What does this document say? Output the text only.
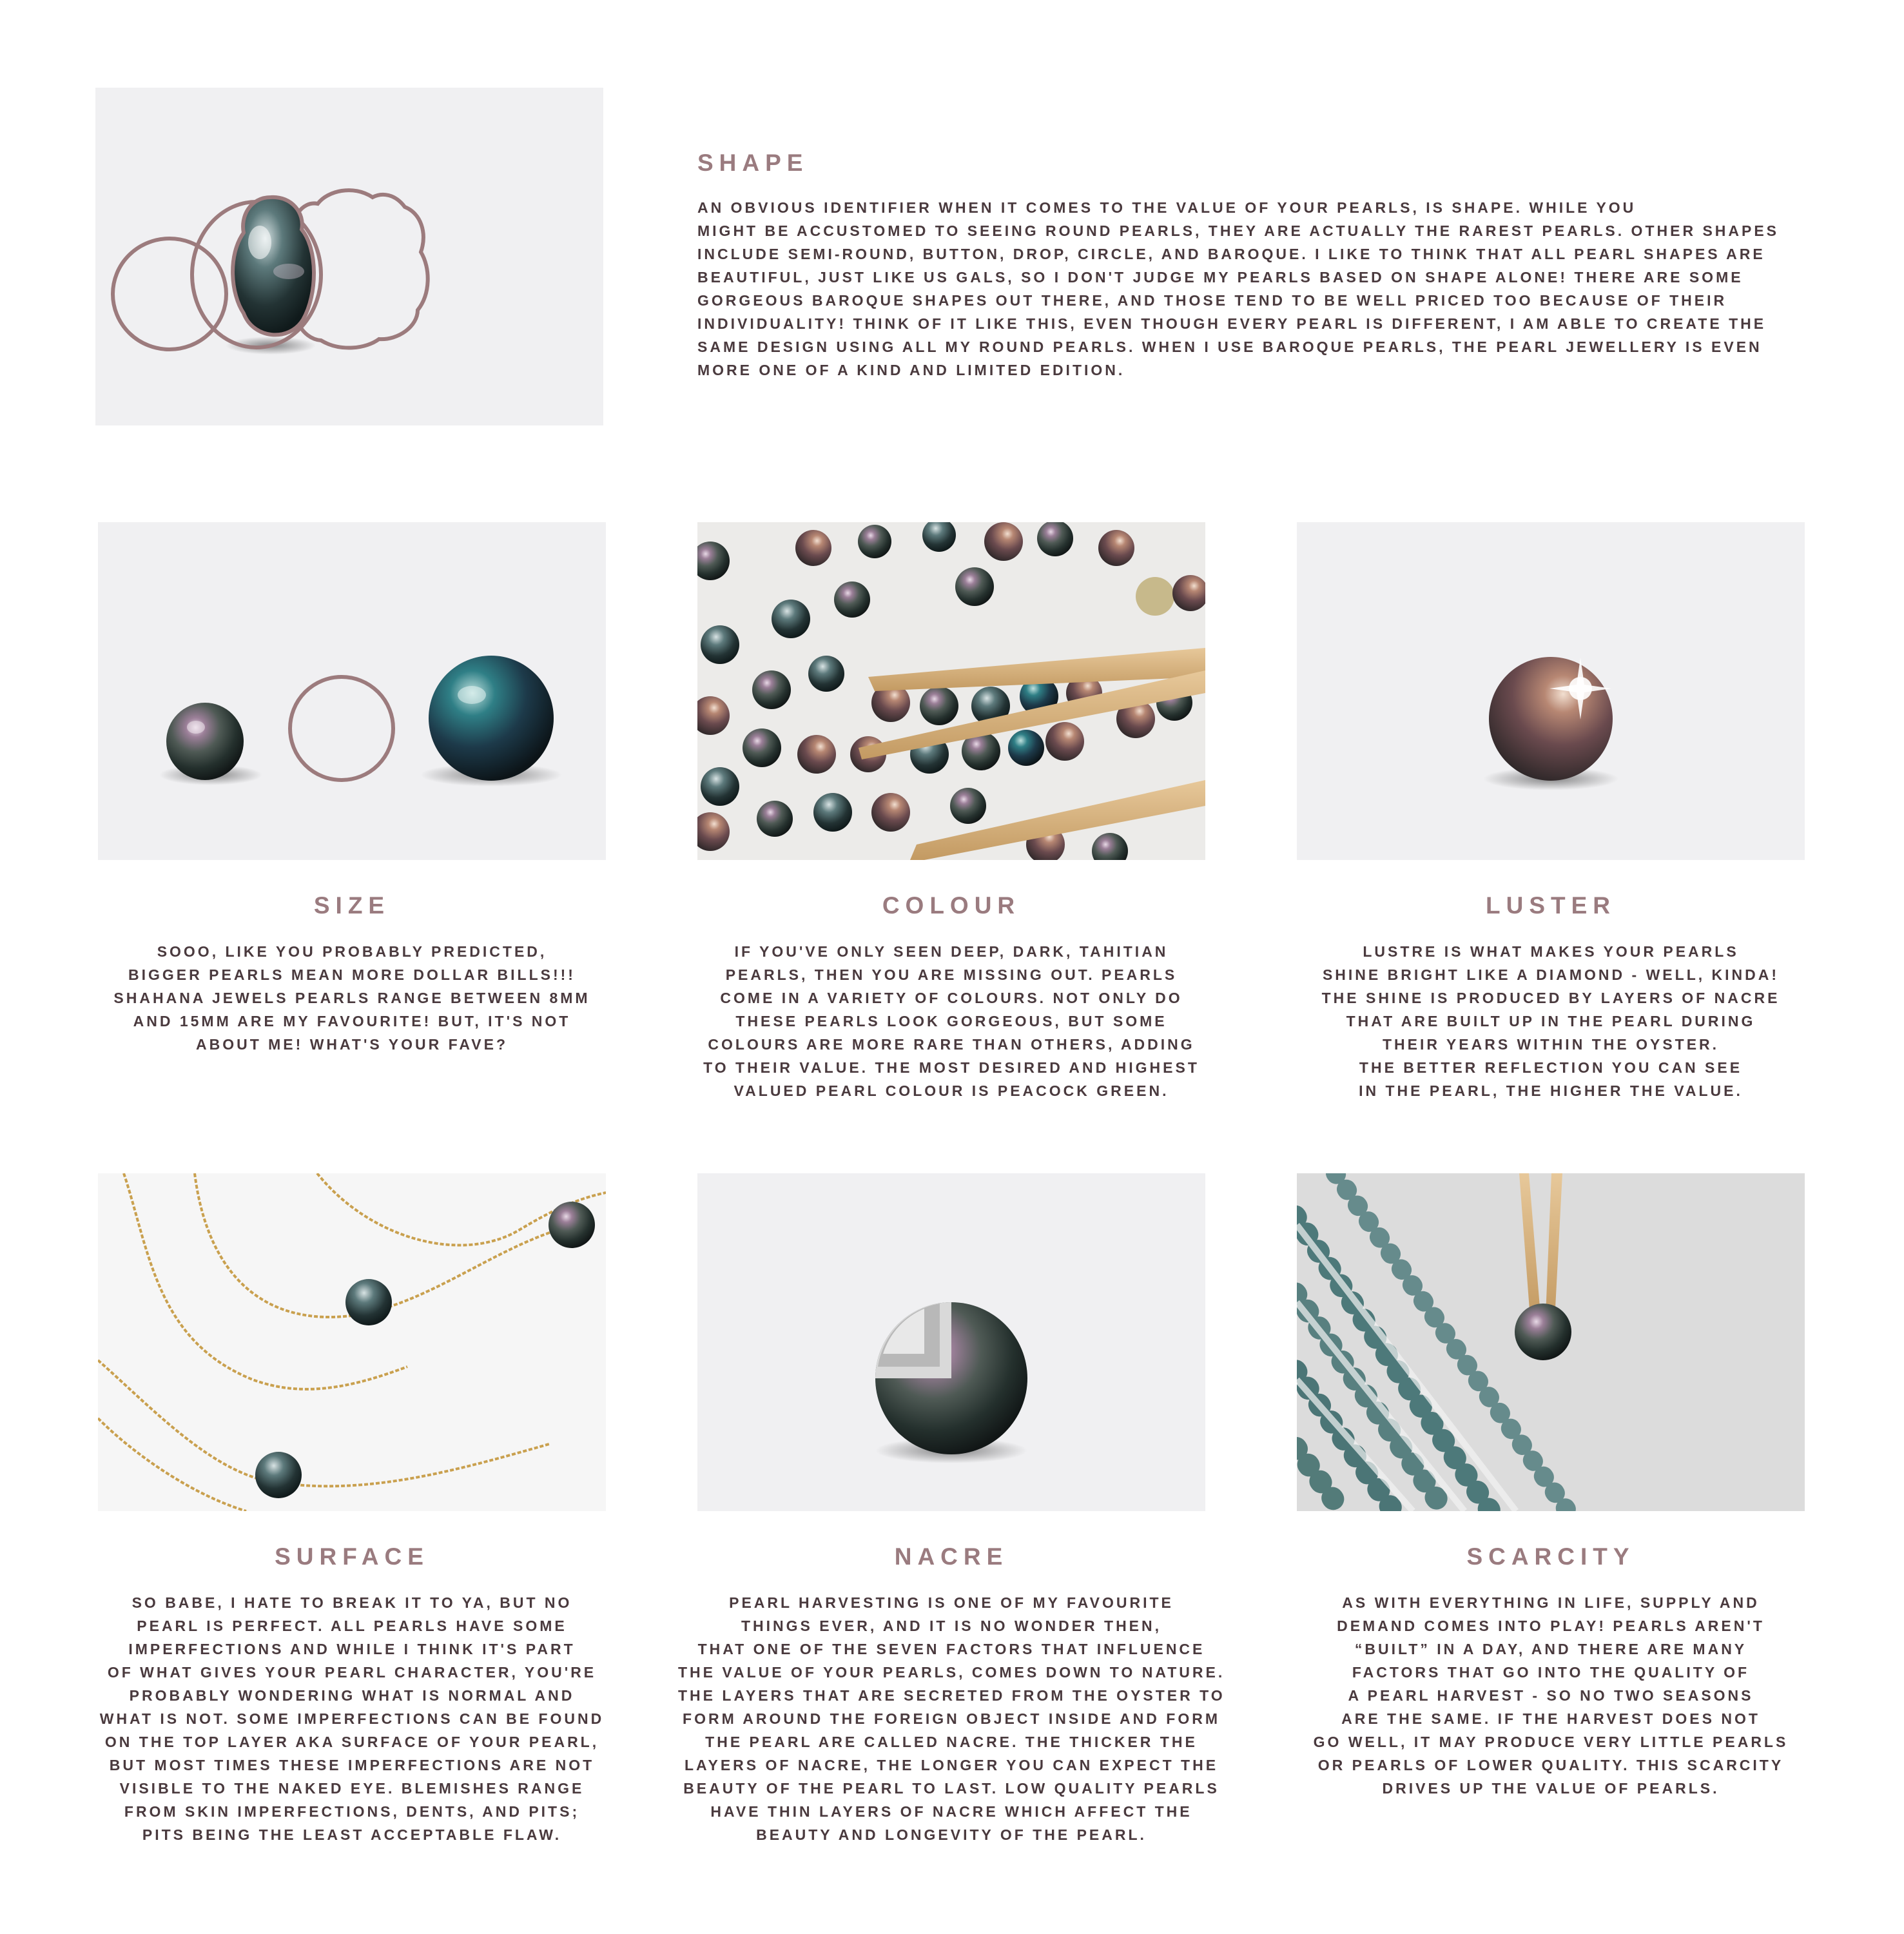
SHAPE
AN OBVIOUS IDENTIFIER WHEN IT COMES TO THE VALUE OF YOUR PEARLS, IS SHAPE. WHILE YOU
MIGHT BE ACCUSTOMED TO SEEING ROUND PEARLS, THEY ARE ACTUALLY THE RAREST PEARLS. OTHER SHAPES
INCLUDE SEMI-ROUND, BUTTON, DROP, CIRCLE, AND BAROQUE. I LIKE TO THINK THAT ALL PEARL SHAPES ARE
BEAUTIFUL, JUST LIKE US GALS, SO I DON'T JUDGE MY PEARLS BASED ON SHAPE ALONE! THERE ARE SOME
GORGEOUS BAROQUE SHAPES OUT THERE, AND THOSE TEND TO BE WELL PRICED TOO BECAUSE OF THEIR
INDIVIDUALITY! THINK OF IT LIKE THIS, EVEN THOUGH EVERY PEARL IS DIFFERENT, I AM ABLE TO CREATE THE
SAME DESIGN USING ALL MY ROUND PEARLS. WHEN I USE BAROQUE PEARLS, THE PEARL JEWELLERY IS EVEN
MORE ONE OF A KIND AND LIMITED EDITION.
SIZE
SOOO, LIKE YOU PROBABLY PREDICTED,
BIGGER PEARLS MEAN MORE DOLLAR BILLS!!!
SHAHANA JEWELS PEARLS RANGE BETWEEN 8MM
AND 15MM ARE MY FAVOURITE! BUT, IT'S NOT
ABOUT ME! WHAT'S YOUR FAVE?
COLOUR
IF YOU'VE ONLY SEEN DEEP, DARK, TAHITIAN
PEARLS, THEN YOU ARE MISSING OUT. PEARLS
COME IN A VARIETY OF COLOURS. NOT ONLY DO
THESE PEARLS LOOK GORGEOUS, BUT SOME
COLOURS ARE MORE RARE THAN OTHERS, ADDING
TO THEIR VALUE. THE MOST DESIRED AND HIGHEST
VALUED PEARL COLOUR IS PEACOCK GREEN.
LUSTER
LUSTRE IS WHAT MAKES YOUR PEARLS
SHINE BRIGHT LIKE A DIAMOND - WELL, KINDA!
THE SHINE IS PRODUCED BY LAYERS OF NACRE
THAT ARE BUILT UP IN THE PEARL DURING
THEIR YEARS WITHIN THE OYSTER.
THE BETTER REFLECTION YOU CAN SEE
IN THE PEARL, THE HIGHER THE VALUE.
SURFACE
SO BABE, I HATE TO BREAK IT TO YA, BUT NO
PEARL IS PERFECT. ALL PEARLS HAVE SOME
IMPERFECTIONS AND WHILE I THINK IT'S PART
OF WHAT GIVES YOUR PEARL CHARACTER, YOU'RE
PROBABLY WONDERING WHAT IS NORMAL AND
WHAT IS NOT. SOME IMPERFECTIONS CAN BE FOUND
ON THE TOP LAYER AKA SURFACE OF YOUR PEARL,
BUT MOST TIMES THESE IMPERFECTIONS ARE NOT
VISIBLE TO THE NAKED EYE. BLEMISHES RANGE
FROM SKIN IMPERFECTIONS, DENTS, AND PITS;
PITS BEING THE LEAST ACCEPTABLE FLAW.
NACRE
PEARL HARVESTING IS ONE OF MY FAVOURITE
THINGS EVER, AND IT IS NO WONDER THEN,
THAT ONE OF THE SEVEN FACTORS THAT INFLUENCE
THE VALUE OF YOUR PEARLS, COMES DOWN TO NATURE.
THE LAYERS THAT ARE SECRETED FROM THE OYSTER TO
FORM AROUND THE FOREIGN OBJECT INSIDE AND FORM
THE PEARL ARE CALLED NACRE. THE THICKER THE
LAYERS OF NACRE, THE LONGER YOU CAN EXPECT THE
BEAUTY OF THE PEARL TO LAST. LOW QUALITY PEARLS
HAVE THIN LAYERS OF NACRE WHICH AFFECT THE
BEAUTY AND LONGEVITY OF THE PEARL.
SCARCITY
AS WITH EVERYTHING IN LIFE, SUPPLY AND
DEMAND COMES INTO PLAY! PEARLS AREN'T
“BUILT” IN A DAY, AND THERE ARE MANY
FACTORS THAT GO INTO THE QUALITY OF
A PEARL HARVEST - SO NO TWO SEASONS
ARE THE SAME. IF THE HARVEST DOES NOT
GO WELL, IT MAY PRODUCE VERY LITTLE PEARLS
OR PEARLS OF LOWER QUALITY. THIS SCARCITY
DRIVES UP THE VALUE OF PEARLS.
